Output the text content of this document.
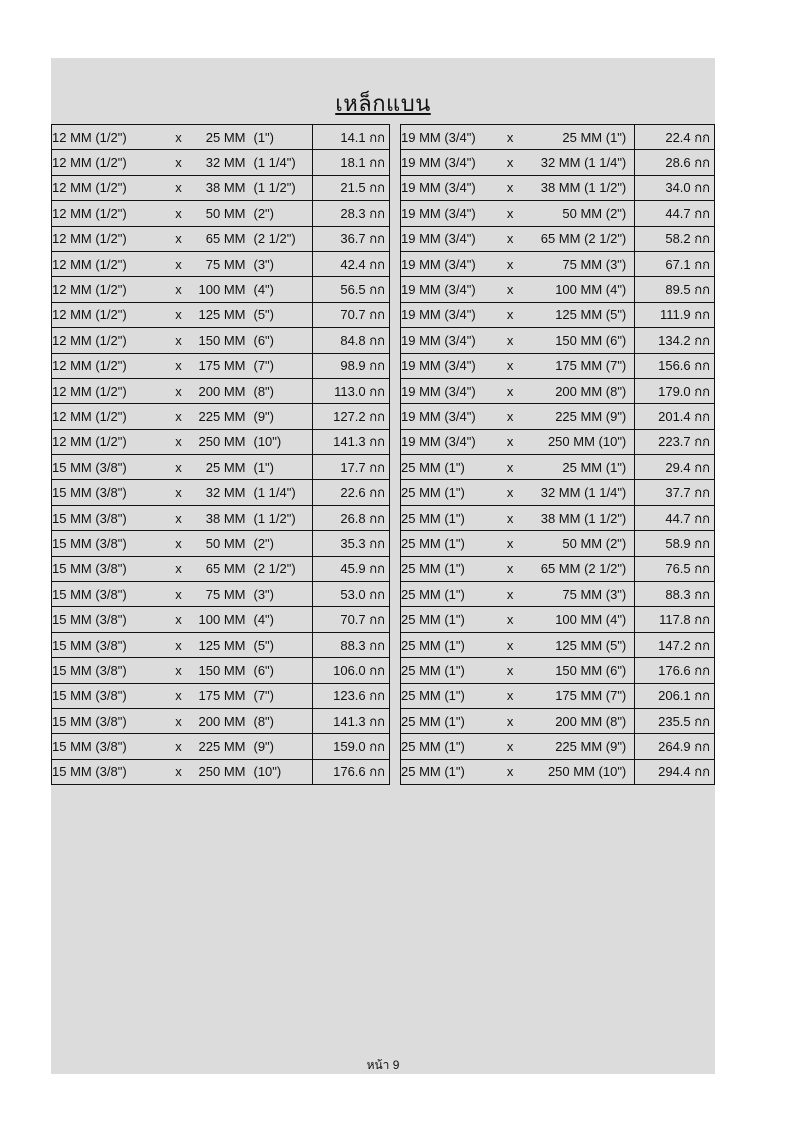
เหล็กแบน
12 MM (1/2")	x	25 MM	(1")	14.1 กก
12 MM (1/2")	x	32 MM	(1 1/4")	18.1 กก
12 MM (1/2")	x	38 MM	(1 1/2")	21.5 กก
12 MM (1/2")	x	50 MM	(2")	28.3 กก
12 MM (1/2")	x	65 MM	(2 1/2")	36.7 กก
12 MM (1/2")	x	75 MM	(3")	42.4 กก
12 MM (1/2")	x	100 MM	(4")	56.5 กก
12 MM (1/2")	x	125 MM	(5")	70.7 กก
12 MM (1/2")	x	150 MM	(6")	84.8 กก
12 MM (1/2")	x	175 MM	(7")	98.9 กก
12 MM (1/2")	x	200 MM	(8")	113.0 กก
12 MM (1/2")	x	225 MM	(9")	127.2 กก
12 MM (1/2")	x	250 MM	(10")	141.3 กก
15 MM (3/8")	x	25 MM	(1")	17.7 กก
15 MM (3/8")	x	32 MM	(1 1/4")	22.6 กก
15 MM (3/8")	x	38 MM	(1 1/2")	26.8 กก
15 MM (3/8")	x	50 MM	(2")	35.3 กก
15 MM (3/8")	x	65 MM	(2 1/2")	45.9 กก
15 MM (3/8")	x	75 MM	(3")	53.0 กก
15 MM (3/8")	x	100 MM	(4")	70.7 กก
15 MM (3/8")	x	125 MM	(5")	88.3 กก
15 MM (3/8")	x	150 MM	(6")	106.0 กก
15 MM (3/8")	x	175 MM	(7")	123.6 กก
15 MM (3/8")	x	200 MM	(8")	141.3 กก
15 MM (3/8")	x	225 MM	(9")	159.0 กก
15 MM (3/8")	x	250 MM	(10")	176.6 กก
19 MM (3/4")	x	25 MM (1")	22.4 กก
19 MM (3/4")	x	32 MM (1 1/4")	28.6 กก
19 MM (3/4")	x	38 MM (1 1/2")	34.0 กก
19 MM (3/4")	x	50 MM (2")	44.7 กก
19 MM (3/4")	x	65 MM (2 1/2")	58.2 กก
19 MM (3/4")	x	75 MM (3")	67.1 กก
19 MM (3/4")	x	100 MM (4")	89.5 กก
19 MM (3/4")	x	125 MM (5")	111.9 กก
19 MM (3/4")	x	150 MM (6")	134.2 กก
19 MM (3/4")	x	175 MM (7")	156.6 กก
19 MM (3/4")	x	200 MM (8")	179.0 กก
19 MM (3/4")	x	225 MM (9")	201.4 กก
19 MM (3/4")	x	250 MM (10")	223.7 กก
25 MM (1")	x	25 MM (1")	29.4 กก
25 MM (1")	x	32 MM (1 1/4")	37.7 กก
25 MM (1")	x	38 MM (1 1/2")	44.7 กก
25 MM (1")	x	50 MM (2")	58.9 กก
25 MM (1")	x	65 MM (2 1/2")	76.5 กก
25 MM (1")	x	75 MM (3")	88.3 กก
25 MM (1")	x	100 MM (4")	117.8 กก
25 MM (1")	x	125 MM (5")	147.2 กก
25 MM (1")	x	150 MM (6")	176.6 กก
25 MM (1")	x	175 MM (7")	206.1 กก
25 MM (1")	x	200 MM (8")	235.5 กก
25 MM (1")	x	225 MM (9")	264.9 กก
25 MM (1")	x	250 MM (10")	294.4 กก
หน้า 9
